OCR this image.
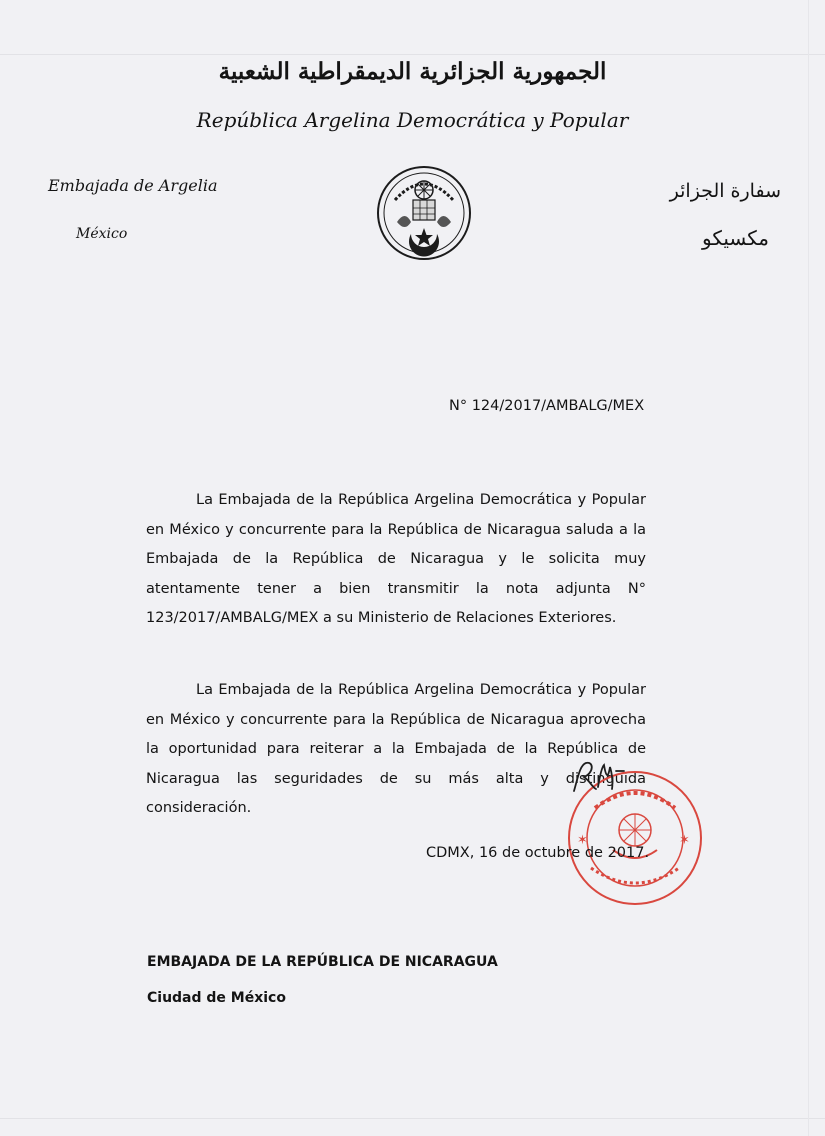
الجمهورية الجزائرية الديمقراطية الشعبية
República Argelina Democrática y Popular
Embajada de Argelia
México
سفارة الجزائر
مكسيكو
N° 124/2017/AMBALG/MEX

La Embajada de la República Argelina Democrática y Popular en México y concurrente para la República de Nicaragua saluda a la Embajada de la República de Nicaragua y le solicita muy atentamente tener a bien transmitir la nota adjunta N° 123/2017/AMBALG/MEX a su Ministerio de Relaciones Exteriores.

La Embajada de la República Argelina Democrática y Popular en México y concurrente para la República de Nicaragua aprovecha la oportunidad para reiterar a la Embajada de la República de Nicaragua las seguridades de su más alta y distinguida consideración.

✶	✶
CDMX, 16 de octubre de 2017.
EMBAJADA DE LA REPÚBLICA DE NICARAGUA
Ciudad de México
